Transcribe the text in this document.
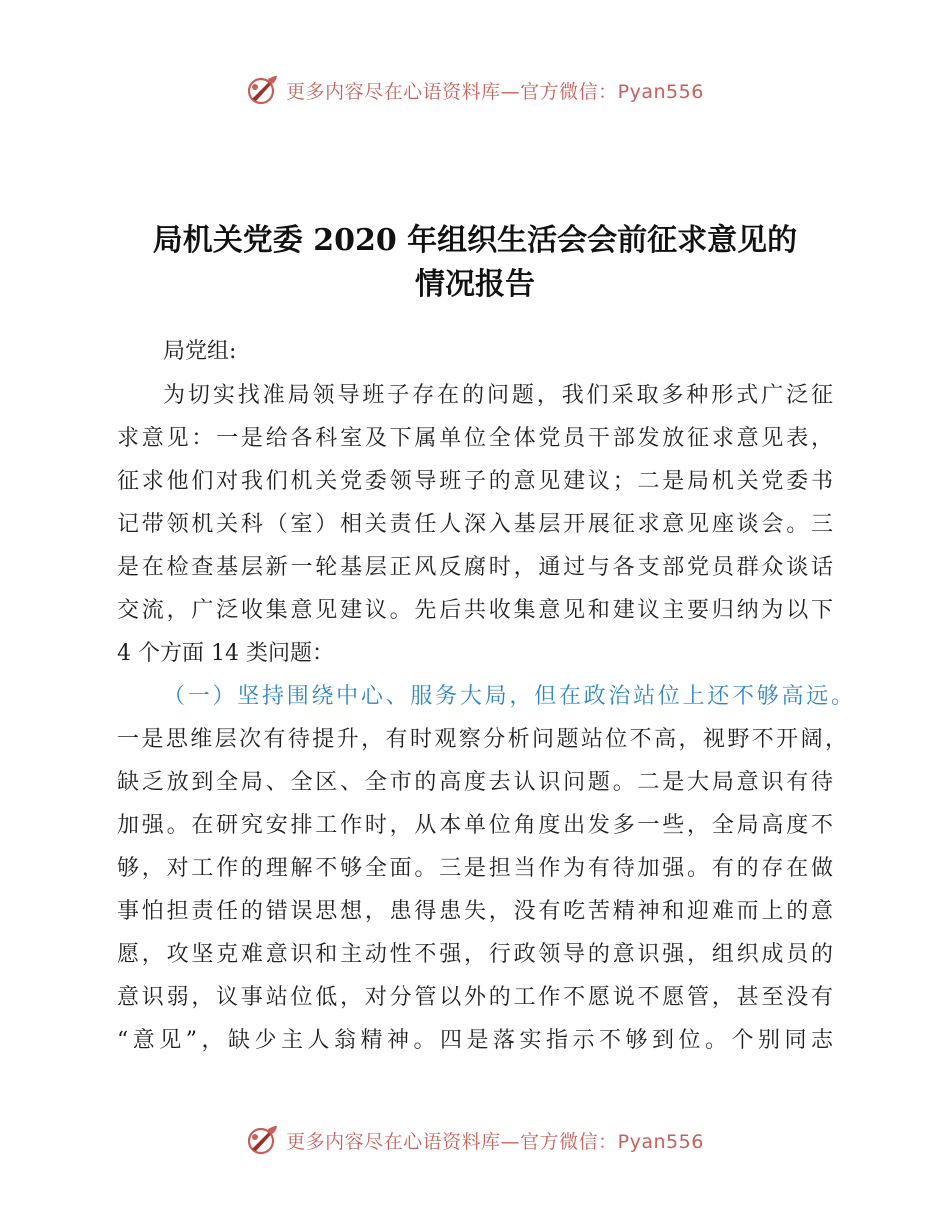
更多内容尽在心语资料库—官方微信：Pyan556
局机关党委 2020 年组织生活会会前征求意见的
情况报告
局党组:
为切实找准局领导班子存在的问题，我们采取多种形式广泛征
求意见：一是给各科室及下属单位全体党员干部发放征求意见表，
征求他们对我们机关党委领导班子的意见建议；二是局机关党委书
记带领机关科（室）相关责任人深入基层开展征求意见座谈会。三
是在检查基层新一轮基层正风反腐时，通过与各支部党员群众谈话
交流，广泛收集意见建议。先后共收集意见和建议主要归纳为以下
4 个方面 14 类问题：
（一）坚持围绕中心、服务大局，但在政治站位上还不够高远。
一是思维层次有待提升，有时观察分析问题站位不高，视野不开阔，
缺乏放到全局、全区、全市的高度去认识问题。二是大局意识有待
加强。在研究安排工作时，从本单位角度出发多一些，全局高度不
够，对工作的理解不够全面。三是担当作为有待加强。有的存在做
事怕担责任的错误思想，患得患失，没有吃苦精神和迎难而上的意
愿，攻坚克难意识和主动性不强，行政领导的意识强，组织成员的
意识弱，议事站位低，对分管以外的工作不愿说不愿管，甚至没有
“意见”，缺少主人翁精神。四是落实指示不够到位。个别同志
更多内容尽在心语资料库—官方微信：Pyan556
